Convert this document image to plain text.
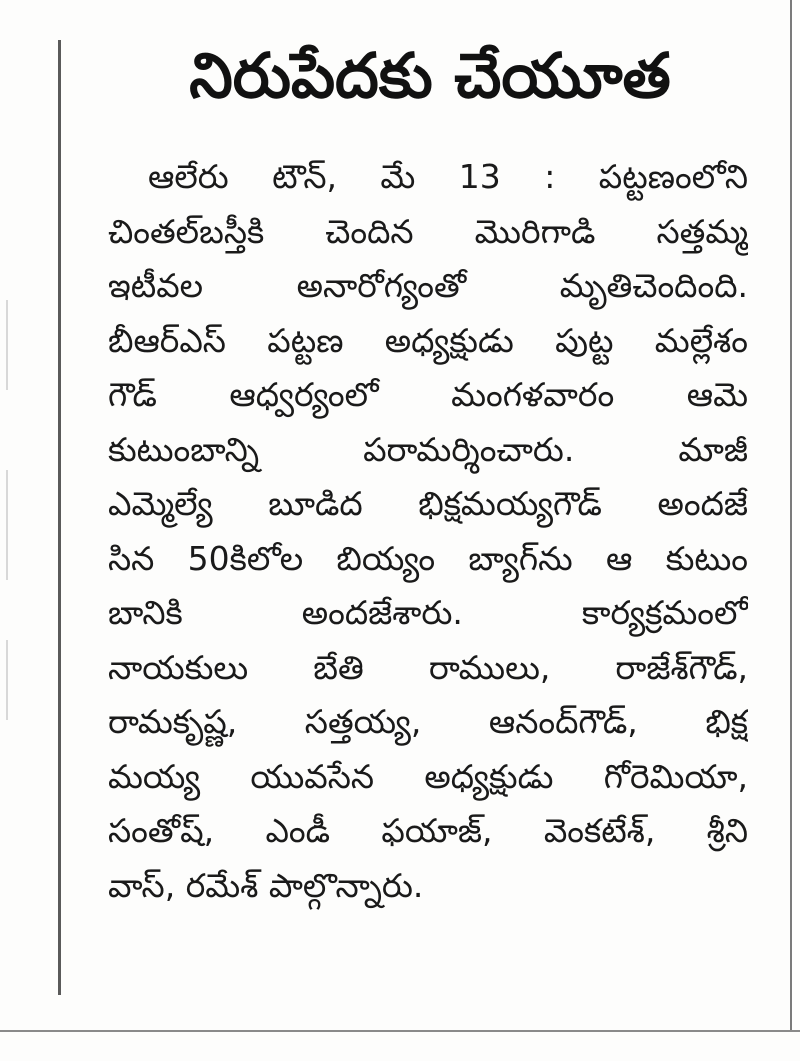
నిరుపేదకు చేయూత
ఆలేరు టౌన్, మే 13 : పట్టణంలోని
చింతల్‌బస్తీకి చెందిన మొరిగాడి సత్తమ్మ
ఇటీవల అనారోగ్యంతో మృతిచెందింది.
బీఆర్ఎస్ పట్టణ అధ్యక్షుడు పుట్ట మల్లేశం
గౌడ్ ఆధ్వర్యంలో మంగళవారం ఆమె
కుటుంబాన్ని పరామర్శించారు. మాజీ
ఎమ్మెల్యే బూడిద భిక్షమయ్యగౌడ్ అందజే
సిన 50కిలోల బియ్యం బ్యాగ్‌ను ఆ కుటుం
బానికి అందజేశారు. కార్యక్రమంలో
నాయకులు బేతి రాములు, రాజేశ్‌గౌడ్,
రామకృష్ణ, సత్తయ్య, ఆనంద్‌గౌడ్, భిక్ష
మయ్య యువసేన అధ్యక్షుడు గోరెమియా,
సంతోష్, ఎండీ ఫయాజ్, వెంకటేశ్, శ్రీని
వాస్, రమేశ్ పాల్గొన్నారు.
